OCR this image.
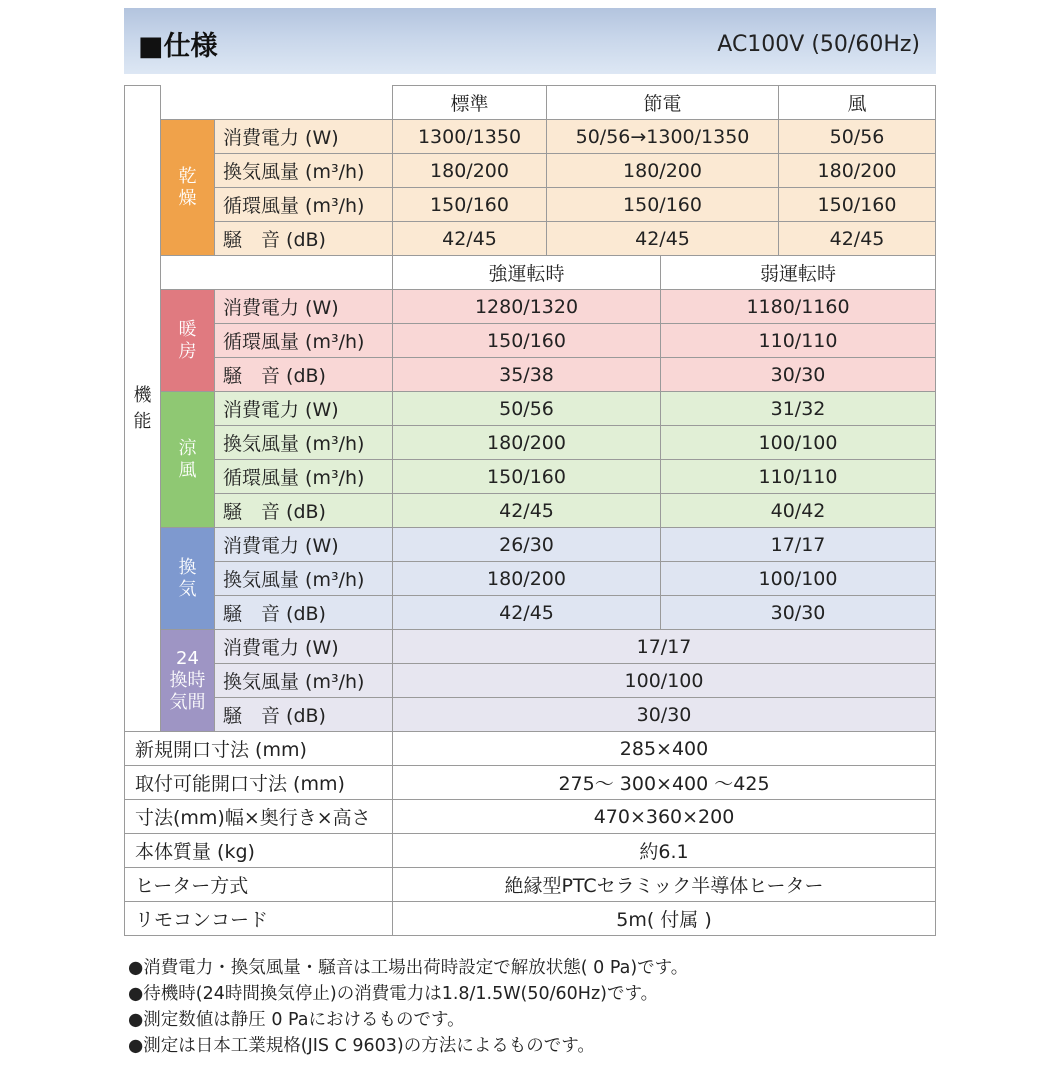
■仕様	AC100V (50/60Hz)
機
能			標準	節電		風

	乾
燥	消費電力 (W)	1300/1350	50/56→1300/1350		50/56
		換気風量 (m³/h)	180/200	180/200		180/200
		循環風量 (m³/h)	150/160	150/160		150/160
		騒　音 (dB)	42/45	42/45		42/45
			強運転時		弱運転時	

	暖
房	消費電力 (W)	1280/1320		1180/1160	
		循環風量 (m³/h)	150/160		110/110	
		騒　音 (dB)	35/38		30/30	

	涼
風	消費電力 (W)	50/56		31/32	
		換気風量 (m³/h)	180/200		100/100	
		循環風量 (m³/h)	150/160		110/110	
		騒　音 (dB)	42/45		40/42	

	換
気	消費電力 (W)	26/30		17/17	
		換気風量 (m³/h)	180/200		100/100	
		騒　音 (dB)	42/45		30/30	

	24
換時
気間	消費電力 (W)	17/17			
		換気風量 (m³/h)	100/100			
		騒　音 (dB)	30/30			
新規開口寸法 (mm)			285×400			
取付可能開口寸法 (mm)			275〜 300×400 〜425			
寸法(mm)幅×奥行き×高さ			470×360×200			
本体質量 (kg)			約6.1			
ヒーター方式			絶縁型PTCセラミック半導体ヒーター			
リモコンコード			5m( 付属 )			
●消費電力・換気風量・騒音は工場出荷時設定で解放状態( 0 Pa)です。
●待機時(24時間換気停止)の消費電力は1.8/1.5W(50/60Hz)です。
●測定数値は静圧 0 Paにおけるものです。
●測定は日本工業規格(JIS C 9603)の方法によるものです。
